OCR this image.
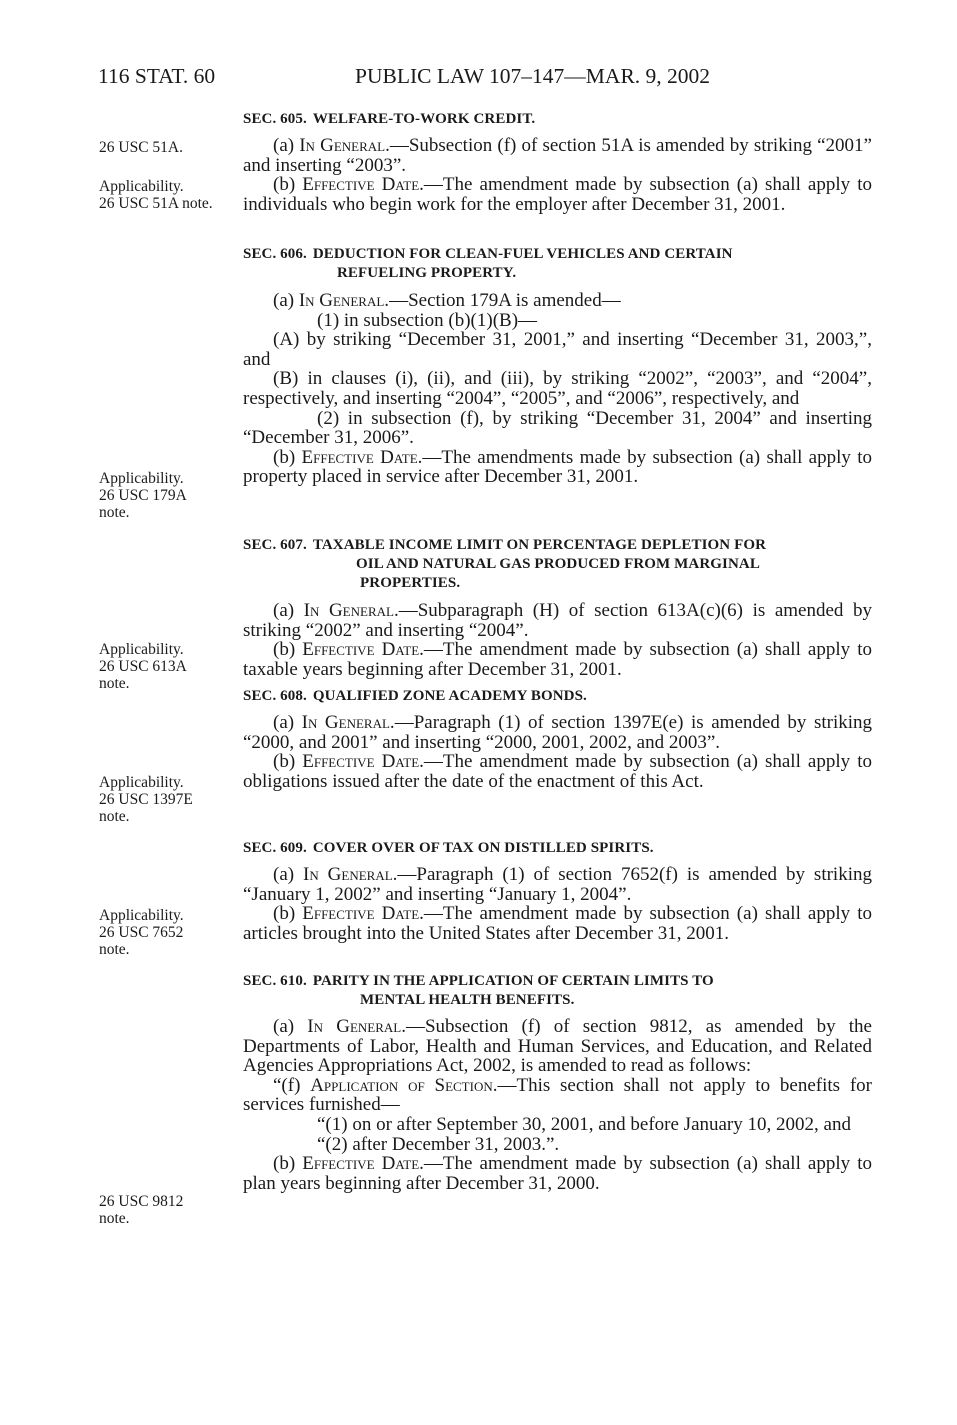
116 STAT. 60	PUBLIC LAW 107–147—MAR. 9, 2002
26 USC 51A.
Applicability.
26 USC 51A note.
Applicability.
26 USC 179A
note.
Applicability.
26 USC 613A
note.
Applicability.
26 USC 1397E
note.
Applicability.
26 USC 7652
note.
26 USC 9812
note.
SEC. 605. WELFARE-TO-WORK CREDIT.

(a) In General.—Subsection (f) of section 51A is amended by striking “2001” and inserting “2003”.

(b) Effective Date.—The amendment made by subsection (a) shall apply to individuals who begin work for the employer after December 31, 2001.

SEC. 606. DEDUCTION FOR CLEAN-FUEL VEHICLES AND CERTAIN
REFUELING PROPERTY.

(a) In General.—Section 179A is amended—

(1) in subsection (b)(1)(B)—

(A) by striking “December 31, 2001,” and inserting “December 31, 2003,”, and

(B) in clauses (i), (ii), and (iii), by striking “2002”, “2003”, and “2004”, respectively, and inserting “2004”, “2005”, and “2006”, respectively, and

(2) in subsection (f), by striking “December 31, 2004” and inserting “December 31, 2006”.

(b) Effective Date.—The amendments made by subsection (a) shall apply to property placed in service after December 31, 2001.

SEC. 607. TAXABLE INCOME LIMIT ON PERCENTAGE DEPLETION FOR
OIL AND NATURAL GAS PRODUCED FROM MARGINAL
PROPERTIES.

(a) In General.—Subparagraph (H) of section 613A(c)(6) is amended by striking “2002” and inserting “2004”.

(b) Effective Date.—The amendment made by subsection (a) shall apply to taxable years beginning after December 31, 2001.

SEC. 608. QUALIFIED ZONE ACADEMY BONDS.

(a) In General.—Paragraph (1) of section 1397E(e) is amended by striking “2000, and 2001” and inserting “2000, 2001, 2002, and 2003”.

(b) Effective Date.—The amendment made by subsection (a) shall apply to obligations issued after the date of the enactment of this Act.

SEC. 609. COVER OVER OF TAX ON DISTILLED SPIRITS.

(a) In General.—Paragraph (1) of section 7652(f) is amended by striking “January 1, 2002” and inserting “January 1, 2004”.

(b) Effective Date.—The amendment made by subsection (a) shall apply to articles brought into the United States after December 31, 2001.

SEC. 610. PARITY IN THE APPLICATION OF CERTAIN LIMITS TO
MENTAL HEALTH BENEFITS.

(a) In General.—Subsection (f) of section 9812, as amended by the Departments of Labor, Health and Human Services, and Education, and Related Agencies Appropriations Act, 2002, is amended to read as follows:

“(f) Application of Section.—This section shall not apply to benefits for services furnished—

“(1) on or after September 30, 2001, and before January 10, 2002, and

“(2) after December 31, 2003.”.

(b) Effective Date.—The amendment made by subsection (a) shall apply to plan years beginning after December 31, 2000.
